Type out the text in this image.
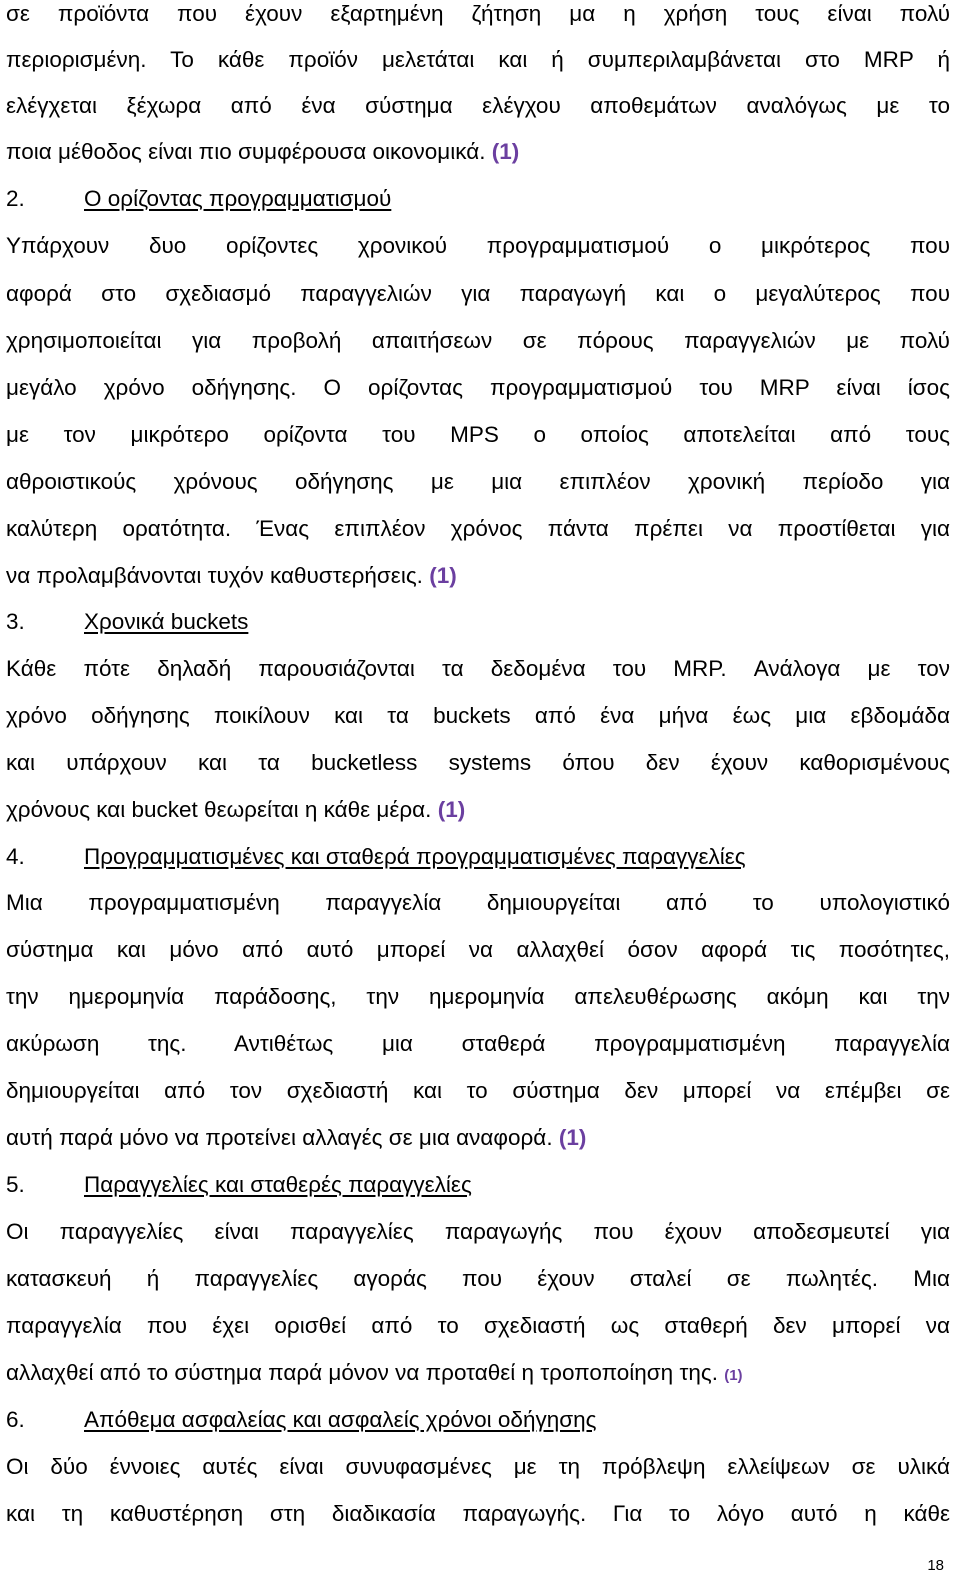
σε προϊόντα που έχουν εξαρτημένη ζήτηση μα η χρήση τους είναι πολύ
περιορισμένη. Το κάθε προϊόν μελετάται και ή συμπεριλαμβάνεται στο MRP ή
ελέγχεται ξέχωρα από ένα σύστημα ελέγχου αποθεμάτων αναλόγως με το
ποια μέθοδος είναι πιο συμφέρουσα οικονομικά. (1)
2.	Ο ορίζοντας προγραμματισμού
Υπάρχουν δυο ορίζοντες χρονικού προγραμματισμού ο μικρότερος που
αφορά στο σχεδιασμό παραγγελιών για παραγωγή και ο μεγαλύτερος που
χρησιμοποιείται για προβολή απαιτήσεων σε πόρους παραγγελιών με πολύ
μεγάλο χρόνο οδήγησης. Ο ορίζοντας προγραμματισμού του MRP είναι ίσος
με τον μικρότερο ορίζοντα του MPS ο οποίος αποτελείται από τους
αθροιστικούς χρόνους οδήγησης με μια επιπλέον χρονική περίοδο για
καλύτερη ορατότητα. Ένας επιπλέον χρόνος πάντα πρέπει να προστίθεται για
να προλαμβάνονται τυχόν καθυστερήσεις. (1)
3.	Χρονικά buckets
Κάθε πότε δηλαδή παρουσιάζονται τα δεδομένα του MRP. Ανάλογα με τον
χρόνο οδήγησης ποικίλουν και τα buckets από ένα μήνα έως μια εβδομάδα
και υπάρχουν και τα bucketless systems όπου δεν έχουν καθορισμένους
χρόνους και bucket θεωρείται η κάθε μέρα. (1)
4.	Προγραμματισμένες και σταθερά προγραμματισμένες παραγγελίες
Μια προγραμματισμένη παραγγελία δημιουργείται από το υπολογιστικό
σύστημα και μόνο από αυτό μπορεί να αλλαχθεί όσον αφορά τις ποσότητες,
την ημερομηνία παράδοσης, την ημερομηνία απελευθέρωσης ακόμη και την
ακύρωση της. Αντιθέτως μια σταθερά προγραμματισμένη παραγγελία
δημιουργείται από τον σχεδιαστή και το σύστημα δεν μπορεί να επέμβει σε
αυτή παρά μόνο να προτείνει αλλαγές σε μια αναφορά. (1)
5.	Παραγγελίες και σταθερές παραγγελίες
Οι παραγγελίες είναι παραγγελίες παραγωγής που έχουν αποδεσμευτεί για
κατασκευή ή παραγγελίες αγοράς που έχουν σταλεί σε πωλητές. Μια
παραγγελία που έχει ορισθεί από το σχεδιαστή ως σταθερή δεν μπορεί να
αλλαχθεί από το σύστημα παρά μόνον να προταθεί η τροποποίηση της. (1)
6.	Απόθεμα ασφαλείας και ασφαλείς χρόνοι οδήγησης
Οι δύο έννοιες αυτές είναι συνυφασμένες με τη πρόβλεψη ελλείψεων σε υλικά
και τη καθυστέρηση στη διαδικασία παραγωγής. Για το λόγο αυτό η κάθε
18
